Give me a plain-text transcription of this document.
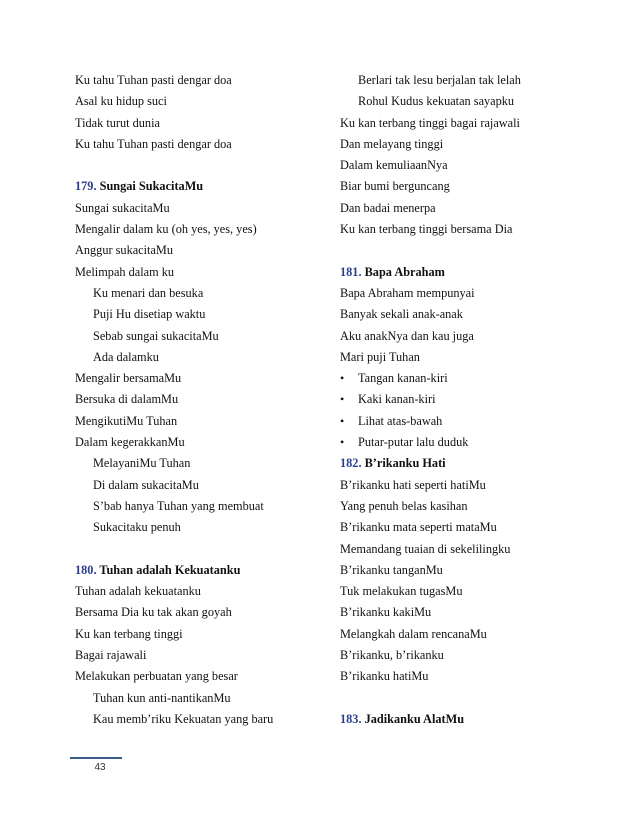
Ku tahu Tuhan pasti dengar doa
Asal ku hidup suci
Tidak turut dunia
Ku tahu Tuhan pasti dengar doa
179. Sungai SukacitaMu
Sungai sukacitaMu
Mengalir dalam ku (oh yes, yes, yes)
Anggur sukacitaMu
Melimpah dalam ku
Ku menari dan besuka
Puji Hu disetiap waktu
Sebab sungai sukacitaMu
Ada dalamku
Mengalir bersamaMu
Bersuka di dalamMu
MengikutiMu Tuhan
Dalam kegerakkanMu
MelayaniMu Tuhan
Di dalam sukacitaMu
S’bab hanya Tuhan yang membuat
Sukacitaku penuh
180. Tuhan adalah Kekuatanku
Tuhan adalah kekuatanku
Bersama Dia ku tak akan goyah
Ku kan terbang tinggi
Bagai rajawali
Melakukan perbuatan yang besar
Tuhan kun anti-nantikanMu
Kau memb’riku Kekuatan yang baru
Berlari tak lesu berjalan tak lelah
Rohul Kudus kekuatan sayapku
Ku kan terbang tinggi bagai rajawali
Dan melayang tinggi
Dalam kemuliaanNya
Biar bumi berguncang
Dan badai menerpa
Ku kan terbang tinggi bersama Dia
181. Bapa Abraham
Bapa Abraham mempunyai
Banyak sekali anak-anak
Aku anakNya dan kau juga
Mari puji Tuhan
•	Tangan kanan-kiri
•	Kaki kanan-kiri
•	Lihat atas-bawah
•	Putar-putar lalu duduk
182. B’rikanku Hati
B’rikanku hati seperti hatiMu
Yang penuh belas kasihan
B’rikanku mata seperti mataMu
Memandang tuaian di sekelilingku
B’rikanku tanganMu
Tuk melakukan tugasMu
B’rikanku kakiMu
Melangkah dalam rencanaMu
B’rikanku, b’rikanku
B’rikanku hatiMu
183. Jadikanku AlatMu
43
